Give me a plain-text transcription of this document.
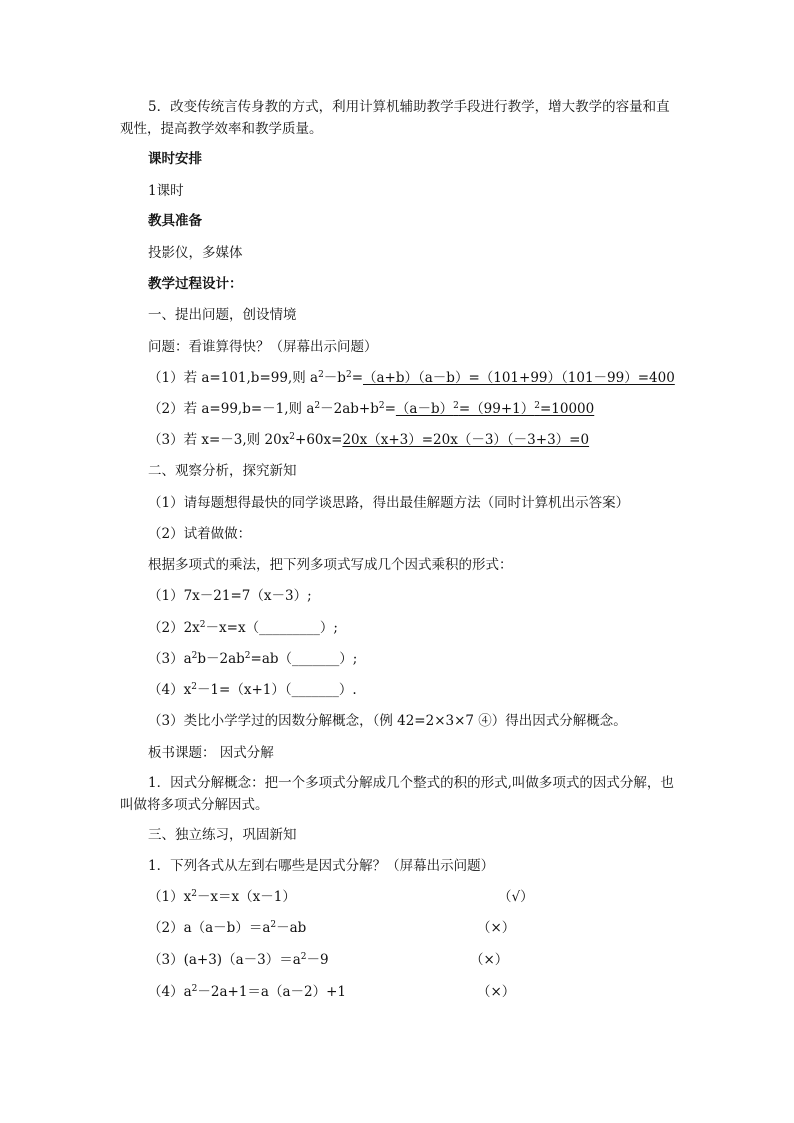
5．改变传统言传身教的方式，利用计算机辅助教学手段进行教学，增大教学的容量和直观性，提高教学效率和教学质量。
课时安排
1课时
教具准备
投影仪，多媒体
教学过程设计：
一、提出问题，创设情境
问题：看谁算得快？（屏幕出示问题）
（1）若 a=101,b=99,则 $a^2-b^2=(a+b)(a-b)=(101+99)(101-99)=400$
（2）若 a=99,b=－1,则 $a^2-2ab+b^2=(a-b)^2=(99+1)^2=10000$
（3）若 x=－3,则 $20x^2+60x=20x(x+3)=20x(-3)(-3+3)=0$
二、观察分析，探究新知
（1）请每题想得最快的同学谈思路，得出最佳解题方法（同时计算机出示答案）
（2）试着做做：
根据多项式的乘法，把下列多项式写成几个因式乘积的形式：
（1）7x－21=7（x－3）;
$(2)2x^2-x=x(\_\_\_\_\_\_\_\_\_)$;
$(3)a^2b-2ab^2=ab(\_\_\_\_\_\_\_)$;
$(4)x^2-1=(x+1)(\_\_\_\_\_\_\_)$.
（3）类比小学学过的因数分解概念，（例 42=2×3×7 ④）得出因式分解概念。
板书课题： 因式分解
1．因式分解概念：把一个多项式分解成几个整式的积的形式,叫做多项式的因式分解，也叫做将多项式分解因式。
三、独立练习，巩固新知
1．下列各式从左到右哪些是因式分解？（屏幕出示问题）
$(1)x^2-x=x(x-1)$	（√）
$(2)a(a-b)=a^2-ab$	（×）
$(3)(a+3)(a-3)=a^2-9$	（×）
$(4)a^2-2a+1=a(a-2)+1$	（×）
